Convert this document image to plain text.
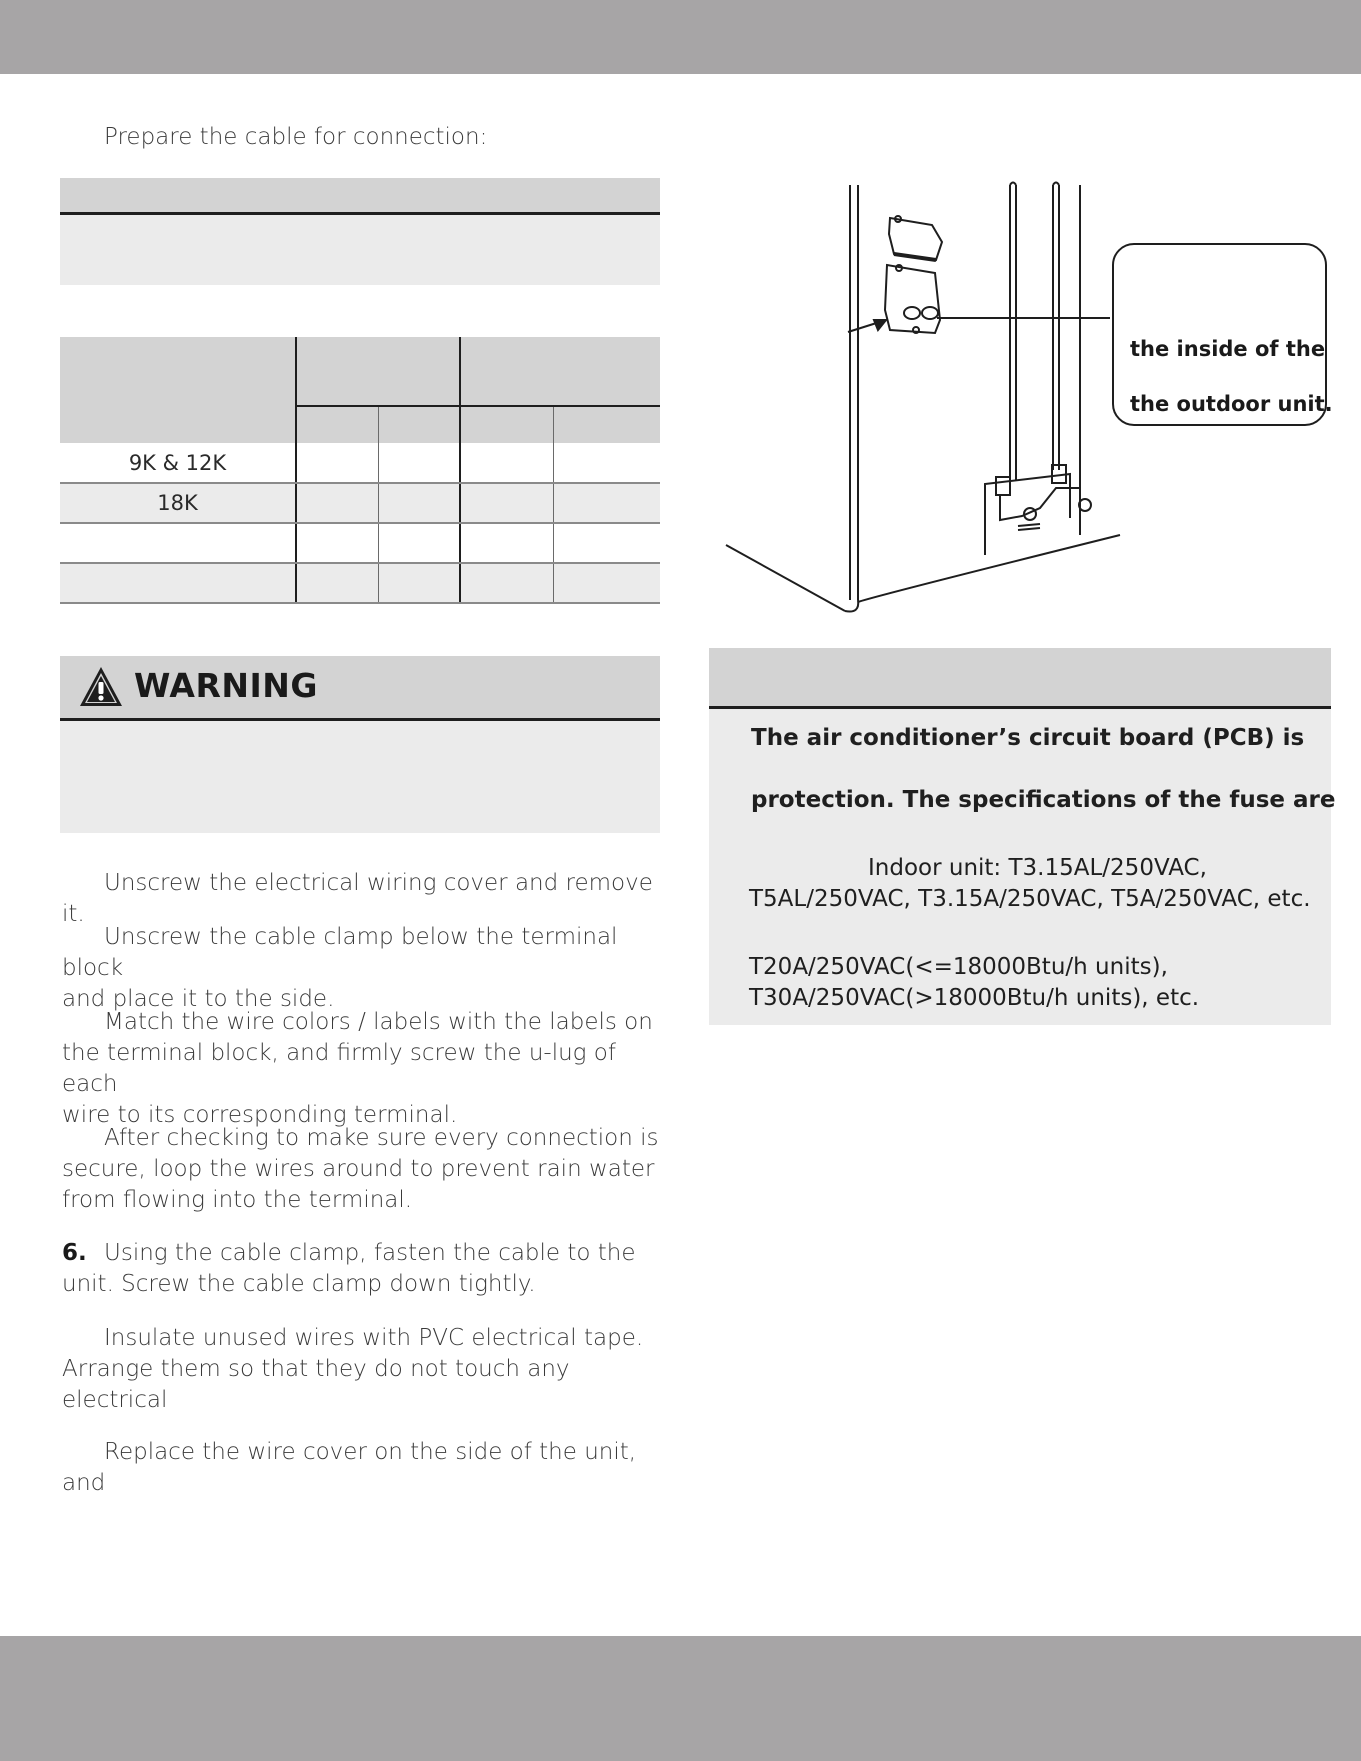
Prepare the cable for connection:

9K & 12K				
18K				

WARNING
Unscrew the electrical wiring cover and remove it.
Unscrew the cable clamp below the terminal block
and place it to the side.
Match the wire colors / labels with the labels on
the terminal block, and firmly screw the u-lug of each
wire to its corresponding terminal.
After checking to make sure every connection is
secure, loop the wires around to prevent rain water
from flowing into the terminal.
6. Using the cable clamp, fasten the cable to the
unit. Screw the cable clamp down tightly.
Insulate unused wires with PVC electrical tape.
Arrange them so that they do not touch any electrical
Replace the wire cover on the side of the unit, and
the inside of the
the outdoor unit.
The air conditioner’s circuit board (PCB) is
protection. The specifications of the fuse are
Indoor unit: T3.15AL/250VAC,
T5AL/250VAC, T3.15A/250VAC, T5A/250VAC, etc.
T20A/250VAC(<=18000Btu/h units),
T30A/250VAC(>18000Btu/h units), etc.
